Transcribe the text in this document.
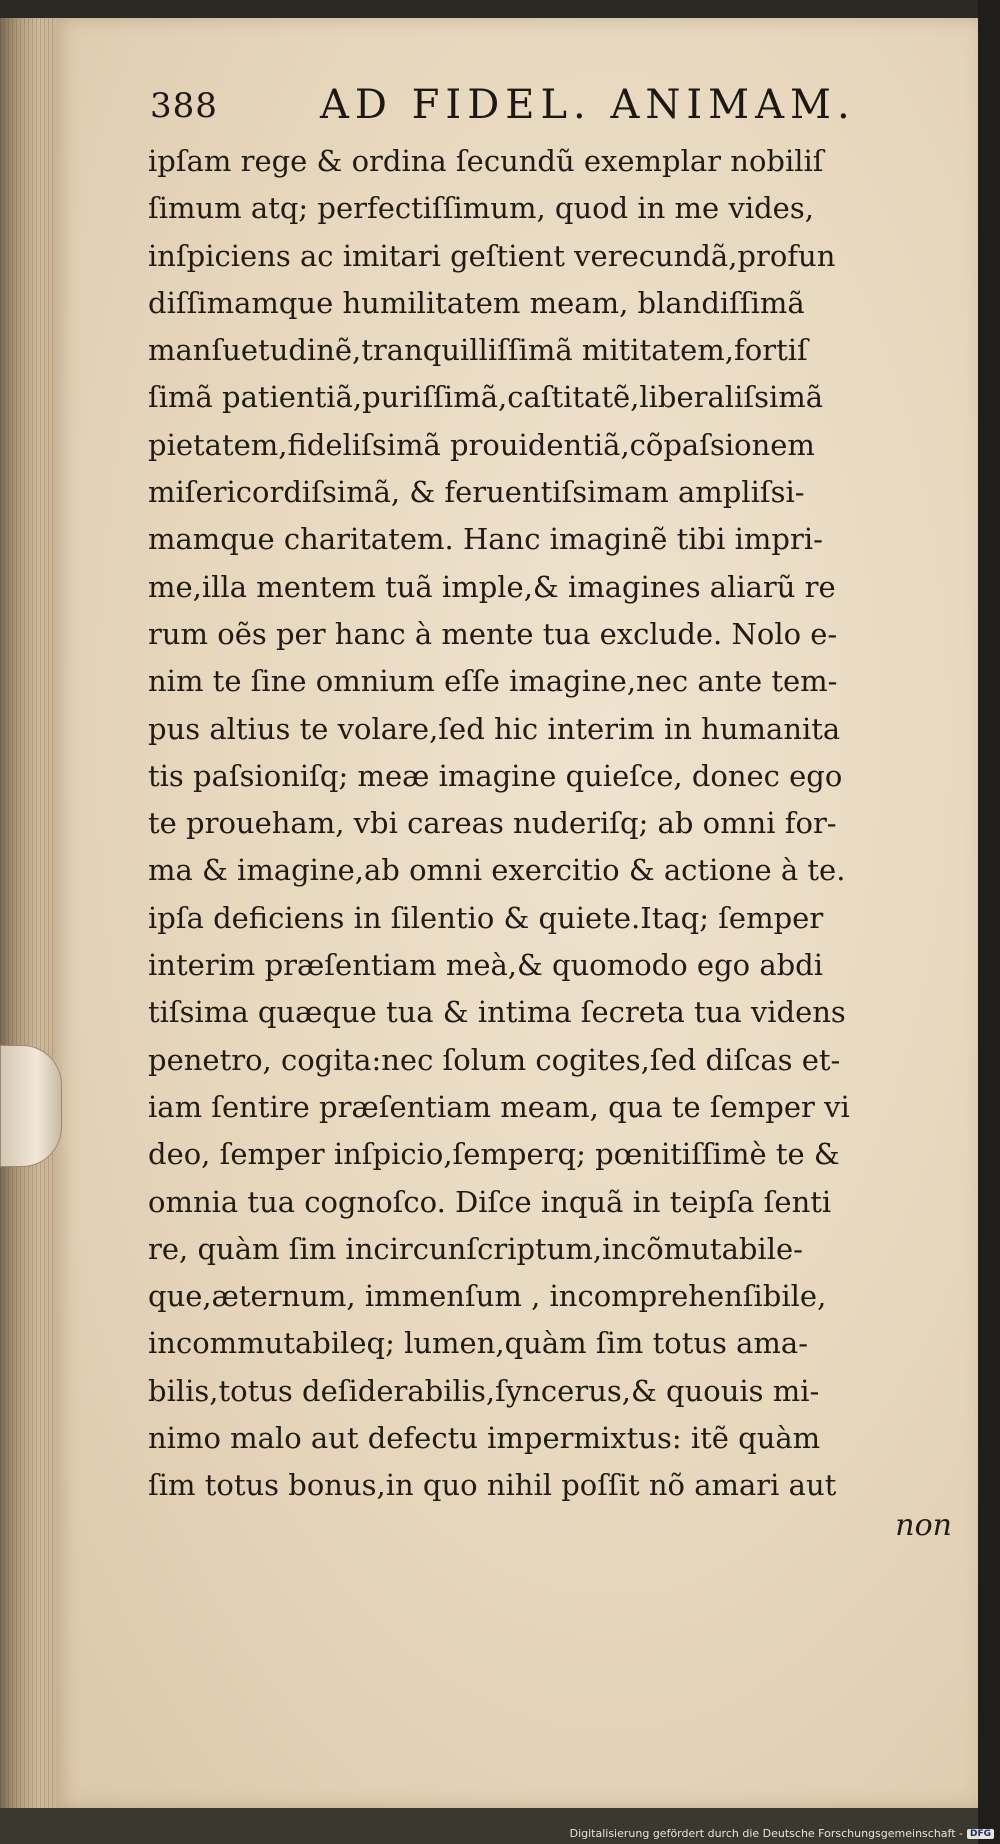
388	AD FIDEL. ANIMAM.
ipſam rege & ordina ſecundũ exemplar nobiliſ
ſimum atq; perfectiſſimum, quod in me vides,
inſpiciens ac imitari geſtient verecundã,profun
diſſimamque humilitatem meam, blandiſſimã
manſuetudinẽ,tranquilliſſimã mititatem,fortiſ
ſimã patientiã,puriſſimã,caſtitatẽ,liberaliſsimã
pietatem,fideliſsimã prouidentiã,cõpaſsionem
miſericordiſsimã, & feruentiſsimam ampliſsi-
mamque charitatem. Hanc imaginẽ tibi impri-
me,illa mentem tuã imple,& imagines aliarũ re
rum oẽs per hanc à mente tua exclude. Nolo e-
nim te ſine omnium eſſe imagine,nec ante tem-
pus altius te volare,ſed hic interim in humanita
tis paſsioniſq; meæ imagine quieſce, donec ego
te proueham, vbi careas nuderiſq; ab omni for-
ma & imagine,ab omni exercitio & actione à te.
ipſa deficiens in ſilentio & quiete.Itaq; ſemper
interim præſentiam meà,& quomodo ego abdi
tiſsima quæque tua & intima ſecreta tua videns
penetro, cogita:nec ſolum cogites,ſed diſcas et-
iam ſentire præſentiam meam, qua te ſemper vi
deo, ſemper inſpicio,ſemperq; pœnitiſſimè te &
omnia tua cognoſco. Diſce inquã in teipſa ſenti
re, quàm ſim incircunſcriptum,incõmutabile-
que,æternum, immenſum , incomprehenſibile,
incommutabileq; lumen,quàm ſim totus ama-
bilis,totus deſiderabilis,ſyncerus,& quouis mi-
nimo malo aut defectu impermixtus: itẽ quàm
ſim totus bonus,in quo nihil poſſit nõ amari aut
non
Digitalisierung gefördert durch die Deutsche Forschungsgemeinschaft - DFG
